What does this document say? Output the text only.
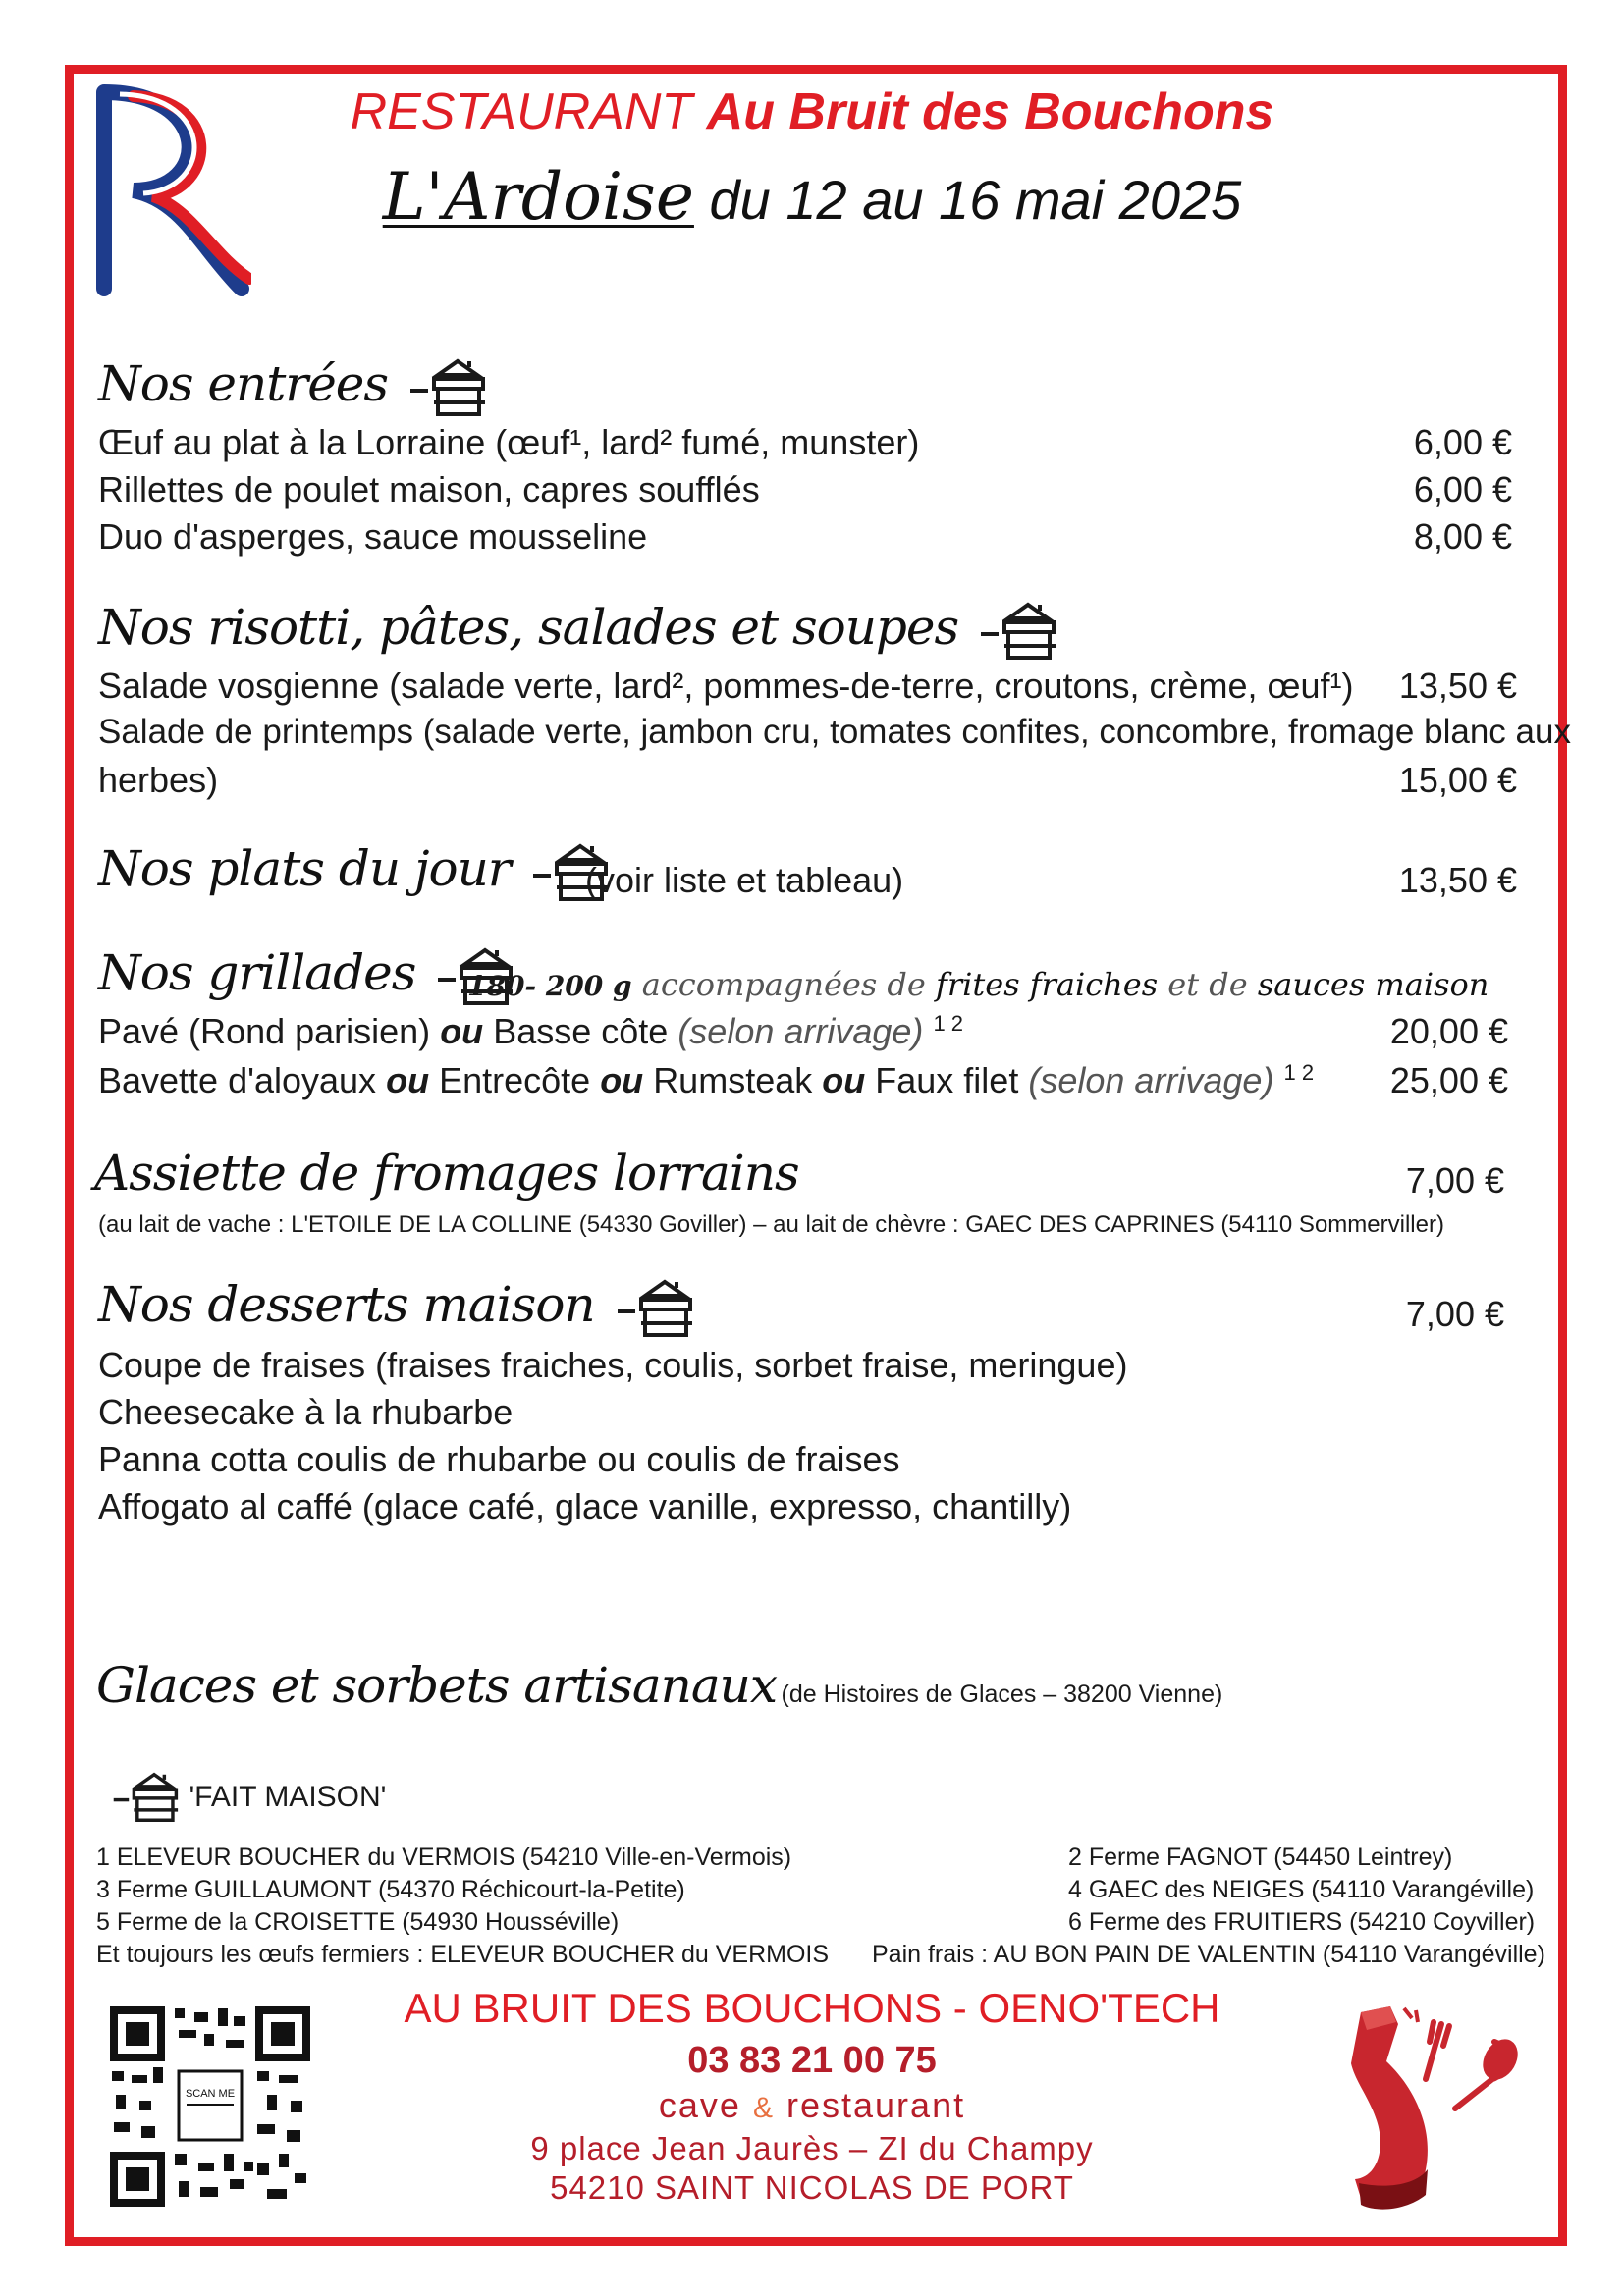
RESTAURANT Au Bruit des Bouchons
L'Ardoise du 12 au 16 mai 2025
Nos entrées
Œuf au plat à la Lorraine (œuf¹, lard² fumé, munster)	6,00 €
Rillettes de poulet maison, capres soufflés	6,00 €
Duo d'asperges, sauce mousseline	8,00 €
Nos risotti, pâtes, salades et soupes
Salade vosgienne (salade verte, lard², pommes-de-terre, croutons, crème, œuf¹)	13,50 €
Salade de printemps (salade verte, jambon cru, tomates confites, concombre, fromage blanc aux
herbes)	15,00 €
Nos plats du jour	(voir liste et tableau)	13,50 €
Nos grillades	180- 200 g accompagnées de frites fraiches et de sauces maison
Pavé (Rond parisien) ou Basse côte (selon arrivage) $^{1 2}$	20,00 €
Bavette d'aloyaux ou Entrecôte ou Rumsteak ou Faux filet (selon arrivage) $^{1 2}$	25,00 €
Assiette de fromages lorrains	7,00 €
(au lait de vache : L'ETOILE DE LA COLLINE (54330 Goviller) – au lait de chèvre : GAEC DES CAPRINES (54110 Sommerviller)
Nos desserts maison	7,00 €
Coupe de fraises (fraises fraiches, coulis, sorbet fraise, meringue)
Cheesecake à la rhubarbe
Panna cotta coulis de rhubarbe ou coulis de fraises
Affogato al caffé (glace café, glace vanille, expresso, chantilly)
Glaces et sorbets artisanaux (de Histoires de Glaces – 38200 Vienne)
'FAIT MAISON'
1 ELEVEUR BOUCHER du VERMOIS (54210 Ville-en-Vermois)
3 Ferme GUILLAUMONT (54370 Réchicourt-la-Petite)
5 Ferme de la CROISETTE (54930 Housséville)
Et toujours les œufs fermiers : ELEVEUR BOUCHER du VERMOIS
2 Ferme FAGNOT (54450 Leintrey)
4 GAEC des NEIGES (54110 Varangéville)
6 Ferme des FRUITIERS (54210 Coyviller)
Pain frais : AU BON PAIN DE VALENTIN (54110 Varangéville)
SCAN ME
AU BRUIT DES BOUCHONS - OENO'TECH
03 83 21 00 75
cave & restaurant
9 place Jean Jaurès – ZI du Champy
54210 SAINT NICOLAS DE PORT
